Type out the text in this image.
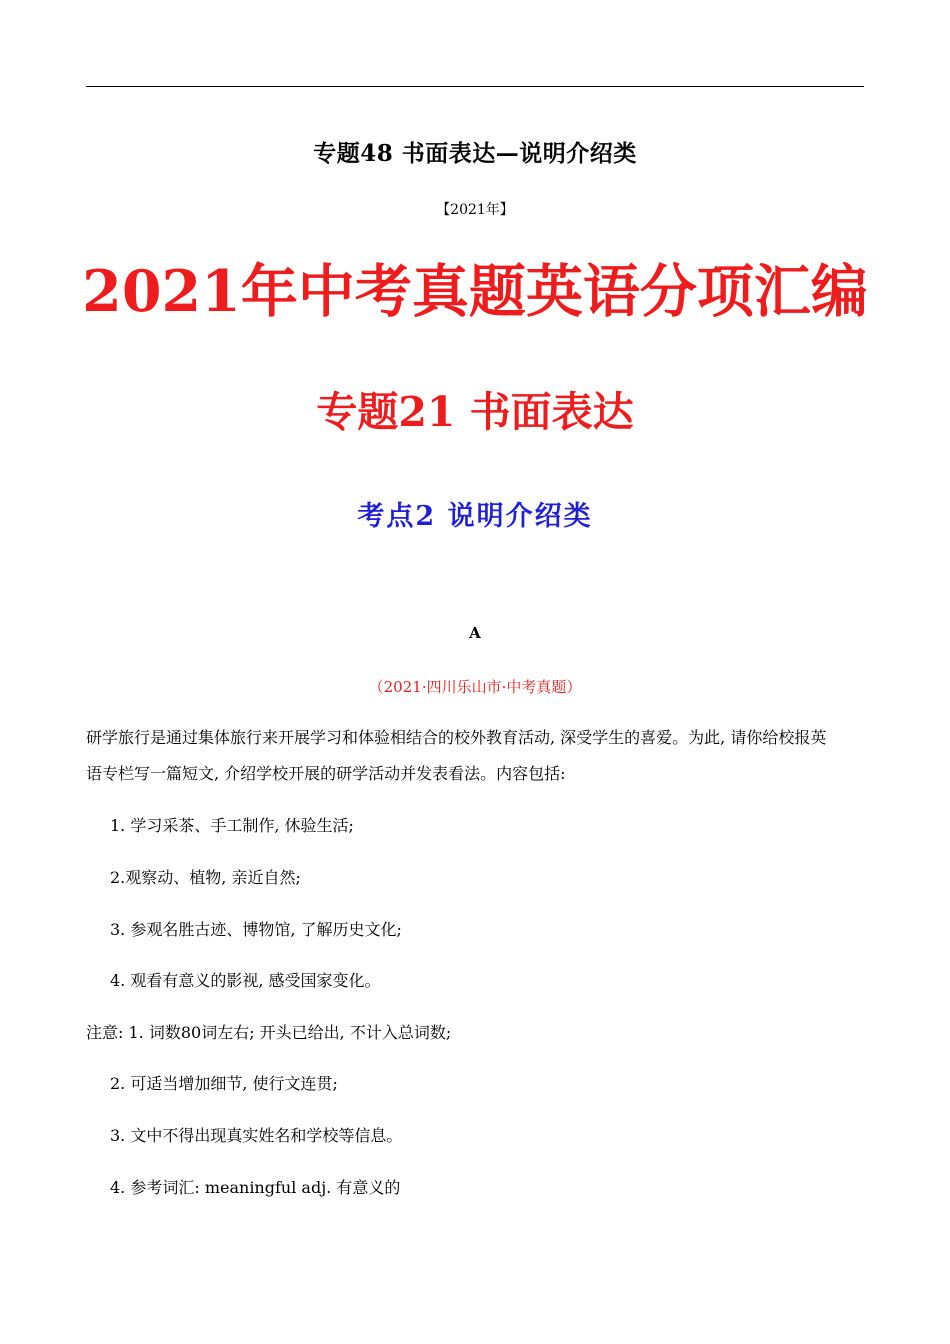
专题48 书面表达—说明介绍类
【2021年】
2021年中考真题英语分项汇编
专题21 书面表达
考点2 说明介绍类
A
（2021·四川乐山市·中考真题）
研学旅行是通过集体旅行来开展学习和体验相结合的校外教育活动, 深受学生的喜爱。为此, 请你给校报英
语专栏写一篇短文, 介绍学校开展的研学活动并发表看法。内容包括:
1. 学习采茶、手工制作, 休验生活;
2.观察动、植物, 亲近自然;
3. 参观名胜古迹、博物馆, 了解历史文化;
4. 观看有意义的影视, 感受国家变化。
注意: 1. 词数80词左右; 开头已给出, 不计入总词数;
2. 可适当增加细节, 使行文连贯;
3. 文中不得出现真实姓名和学校等信息。
4. 参考词汇: meaningful adj. 有意义的
